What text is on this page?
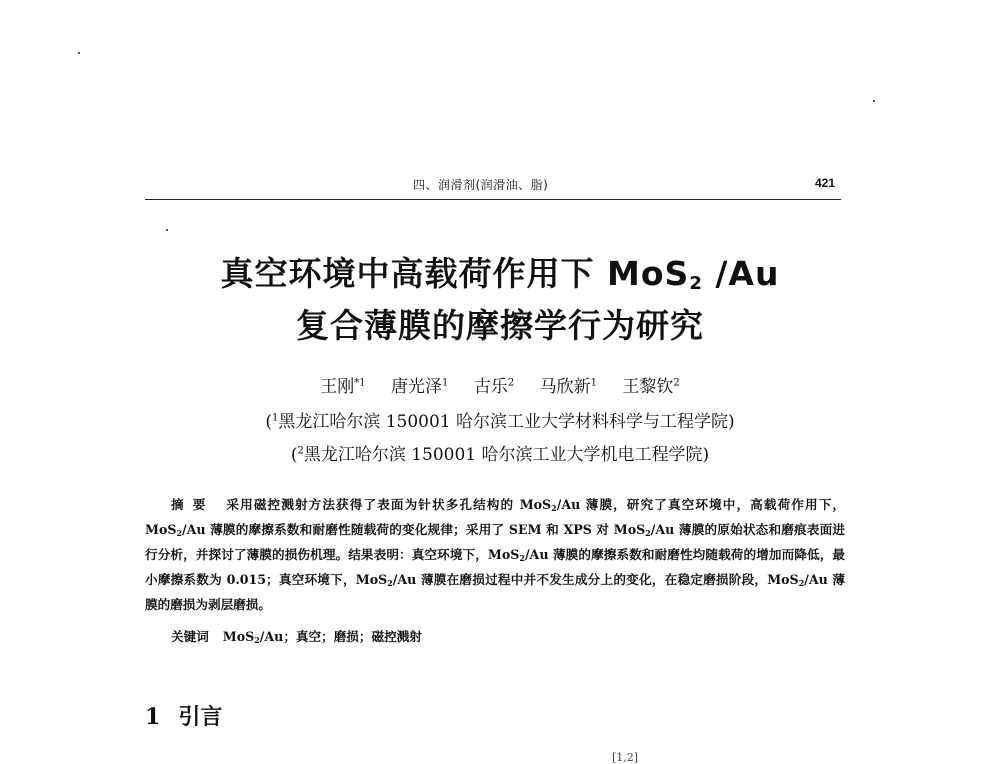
四、润滑剂(润滑油、脂)	421
真空环境中高载荷作用下 MoS$_2$ /Au
复合薄膜的摩擦学行为研究
王刚$^{*1}$ 唐光泽$^1$ 古乐$^2$ 马欣新$^1$ 王黎钦$^2$
($^1$黑龙江哈尔滨 150001 哈尔滨工业大学材料科学与工程学院)
($^2$黑龙江哈尔滨 150001 哈尔滨工业大学机电工程学院)
摘要 采用磁控溅射方法获得了表面为针状多孔结构的 MoS$_2$/Au 薄膜，研究了真空环境中，高载荷作用下，MoS$_2$/Au 薄膜的摩擦系数和耐磨性随载荷的变化规律；采用了 SEM 和 XPS 对 MoS$_2$/Au 薄膜的原始状态和磨痕表面进行分析，并探讨了薄膜的损伤机理。结果表明：真空环境下，MoS$_2$/Au 薄膜的摩擦系数和耐磨性均随载荷的增加而降低，最小摩擦系数为 0.015；真空环境下，MoS$_2$/Au 薄膜在磨损过程中并不发生成分上的变化，在稳定磨损阶段，MoS$_2$/Au 薄膜的磨损为剥层磨损。
关键词 MoS$_2$/Au；真空；磨损；磁控溅射
1 引言
[1,2]
